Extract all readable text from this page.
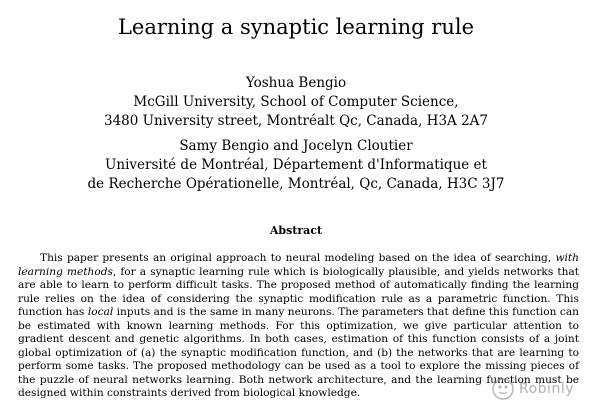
Learning a synaptic learning rule
Yoshua Bengio
McGill University, School of Computer Science,
3480 University street, Montréalt Qc, Canada, H3A 2A7
Samy Bengio and Jocelyn Cloutier
Université de Montréal, Département d'Informatique et
de Recherche Opérationelle, Montréal, Qc, Canada, H3C 3J7
Abstract
This paper presents an original approach to neural modeling based on the idea of searching, with learning methods, for a synaptic learning rule which is biologically plausible, and yields networks that are able to learn to perform difficult tasks. The proposed method of automatically finding the learning rule relies on the idea of considering the synaptic modification rule as a parametric function. This function has local inputs and is the same in many neurons. The parameters that define this function can be estimated with known learning methods. For this optimization, we give particular attention to gradient descent and genetic algorithms. In both cases, estimation of this function consists of a joint global optimization of (a) the synaptic modification function, and (b) the networks that are learning to perform some tasks. The proposed methodology can be used as a tool to explore the missing pieces of the puzzle of neural networks learning. Both network architecture, and the learning function must be designed within constraints derived from biological knowledge.	Robinly
